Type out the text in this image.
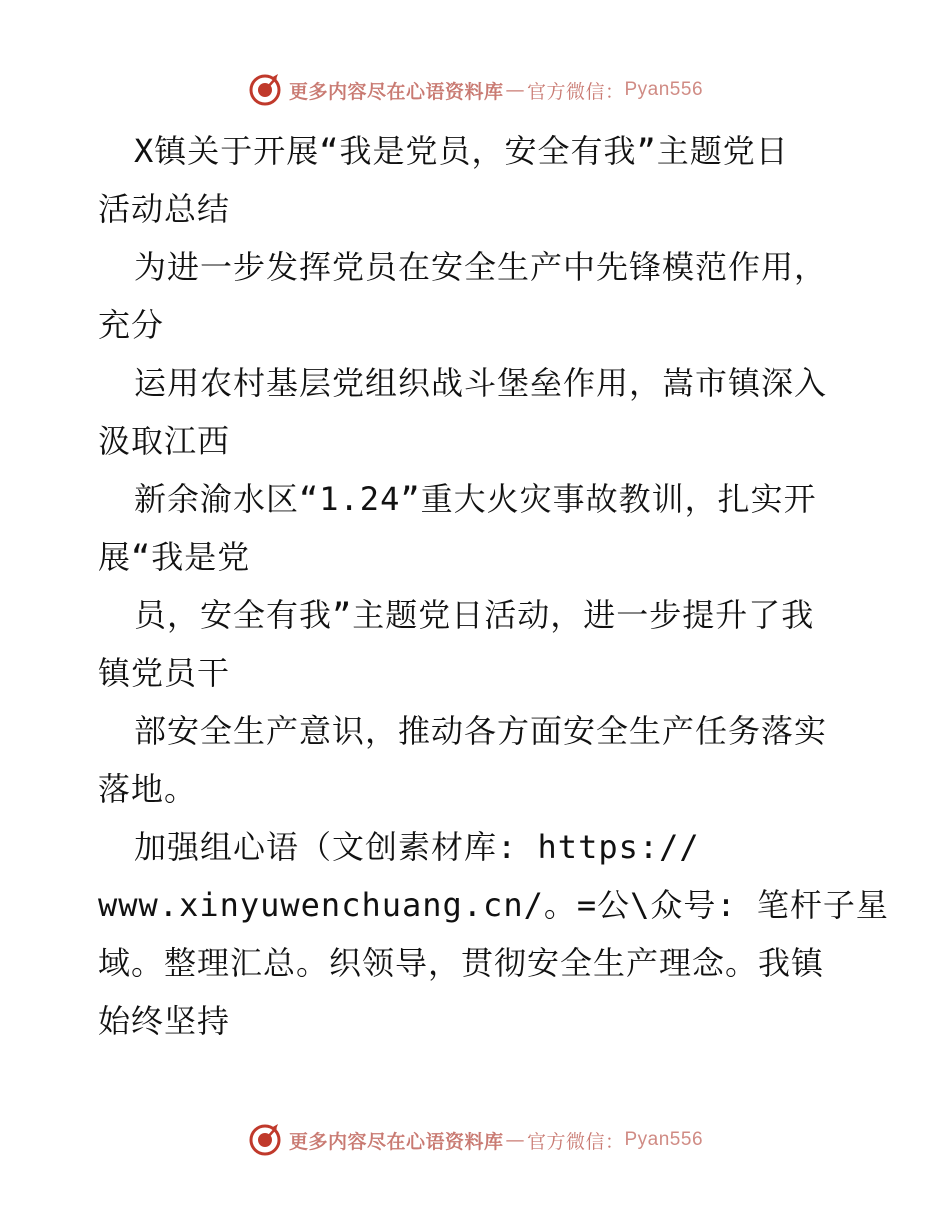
更多内容尽在心语资料库 — 官方微信： Pyan556
X镇关于开展“我是党员，安全有我”主题党日
活动总结
为进一步发挥党员在安全生产中先锋模范作用，
充分
运用农村基层党组织战斗堡垒作用，嵩市镇深入
汲取江西
新余渝水区“1.24”重大火灾事故教训，扎实开
展“我是党
员，安全有我”主题党日活动，进一步提升了我
镇党员干
部安全生产意识，推动各方面安全生产任务落实
落地。
加强组心语（文创素材库: https://
www.xinyuwenchuang.cn/。=公\众号: 笔杆子星
域。整理汇总。织领导，贯彻安全生产理念。我镇
始终坚持
更多内容尽在心语资料库 — 官方微信： Pyan556
